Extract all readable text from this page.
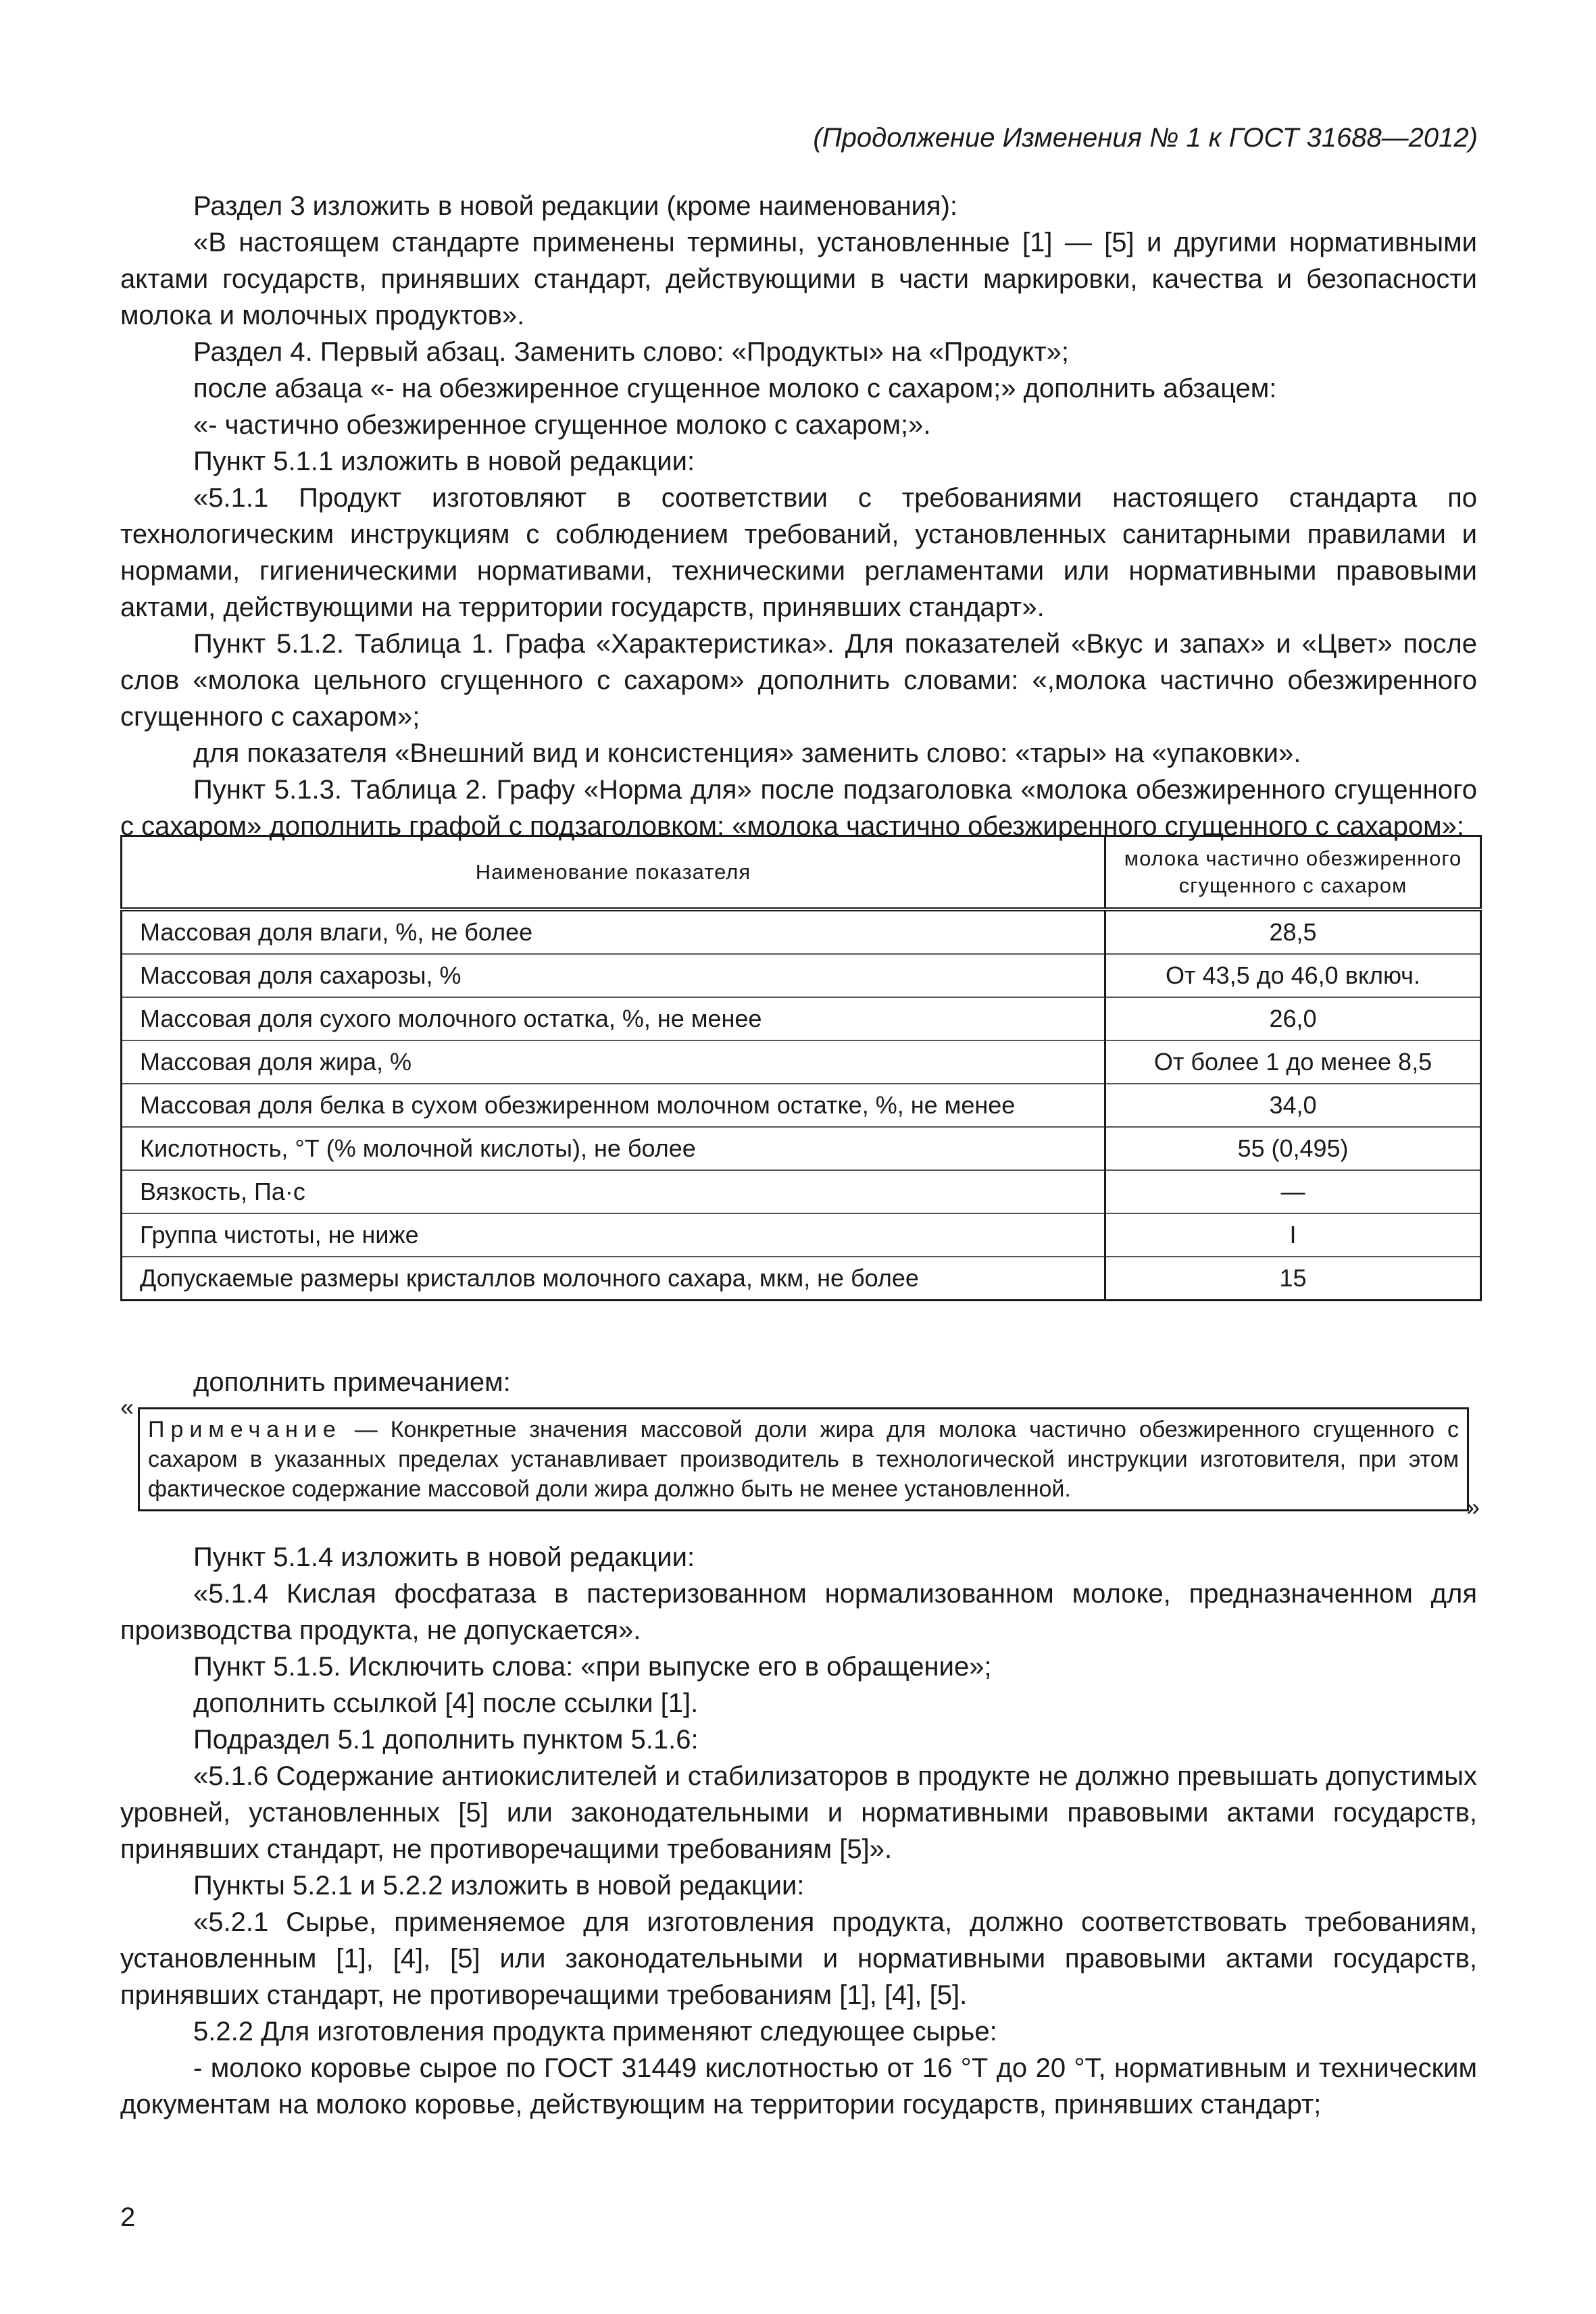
(Продолжение Изменения № 1 к ГОСТ 31688—2012)

Раздел 3 изложить в новой редакции (кроме наименования):

«В настоящем стандарте применены термины, установленные [1] — [5] и другими нормативными актами государств, принявших стандарт, действующими в части маркировки, качества и безопасности молока и молочных продуктов».

Раздел 4. Первый абзац. Заменить слово: «Продукты» на «Продукт»;

после абзаца «- на обезжиренное сгущенное молоко с сахаром;» дополнить абзацем:

«- частично обезжиренное сгущенное молоко с сахаром;».

Пункт 5.1.1 изложить в новой редакции:

«5.1.1 Продукт изготовляют в соответствии с требованиями настоящего стандарта по технологическим инструкциям с соблюдением требований, установленных санитарными правилами и нормами, гигиеническими нормативами, техническими регламентами или нормативными правовыми актами, действующими на территории государств, принявших стандарт».

Пункт 5.1.2. Таблица 1. Графа «Характеристика». Для показателей «Вкус и запах» и «Цвет» после слов «молока цельного сгущенного с сахаром» дополнить словами: «,молока частично обезжиренного сгущенного с сахаром»;

для показателя «Внешний вид и консистенция» заменить слово: «тары» на «упаковки».

Пункт 5.1.3. Таблица 2. Графу «Норма для» после подзаголовка «молока обезжиренного сгущенного с сахаром» дополнить графой с подзаголовком: «молока частично обезжиренного сгущенного с сахаром»:

Наименование показателя	молока частично обезжиренного сгущенного с сахаром
Массовая доля влаги, %, не более	28,5
Массовая доля сахарозы, %	От 43,5 до 46,0 включ.
Массовая доля сухого молочного остатка, %, не менее	26,0
Массовая доля жира, %	От более 1 до менее 8,5
Массовая доля белка в сухом обезжиренном молочном остатке, %, не менее	34,0
Кислотность, °Т (% молочной кислоты), не более	55 (0,495)
Вязкость, Па·с	—
Группа чистоты, не ниже	I
Допускаемые размеры кристаллов молочного сахара, мкм, не более	15
дополнить примечанием:
«
Примечание — Конкретные значения массовой доли жира для молока частично обезжиренного сгущенного с сахаром в указанных пределах устанавливает производитель в технологической инструкции изготовителя, при этом фактическое содержание массовой доли жира должно быть не менее установленной.
»

Пункт 5.1.4 изложить в новой редакции:

«5.1.4 Кислая фосфатаза в пастеризованном нормализованном молоке, предназначенном для производства продукта, не допускается».

Пункт 5.1.5. Исключить слова: «при выпуске его в обращение»;

дополнить ссылкой [4] после ссылки [1].

Подраздел 5.1 дополнить пунктом 5.1.6:

«5.1.6 Содержание антиокислителей и стабилизаторов в продукте не должно превышать допустимых уровней, установленных [5] или законодательными и нормативными правовыми актами государств, принявших стандарт, не противоречащими требованиям [5]».

Пункты 5.2.1 и 5.2.2 изложить в новой редакции:

«5.2.1 Сырье, применяемое для изготовления продукта, должно соответствовать требованиям, установленным [1], [4], [5] или законодательными и нормативными правовыми актами государств, принявших стандарт, не противоречащими требованиям [1], [4], [5].

5.2.2 Для изготовления продукта применяют следующее сырье:

- молоко коровье сырое по ГОСТ 31449 кислотностью от 16 °Т до 20 °Т, нормативным и техническим документам на молоко коровье, действующим на территории государств, принявших стандарт;

2
